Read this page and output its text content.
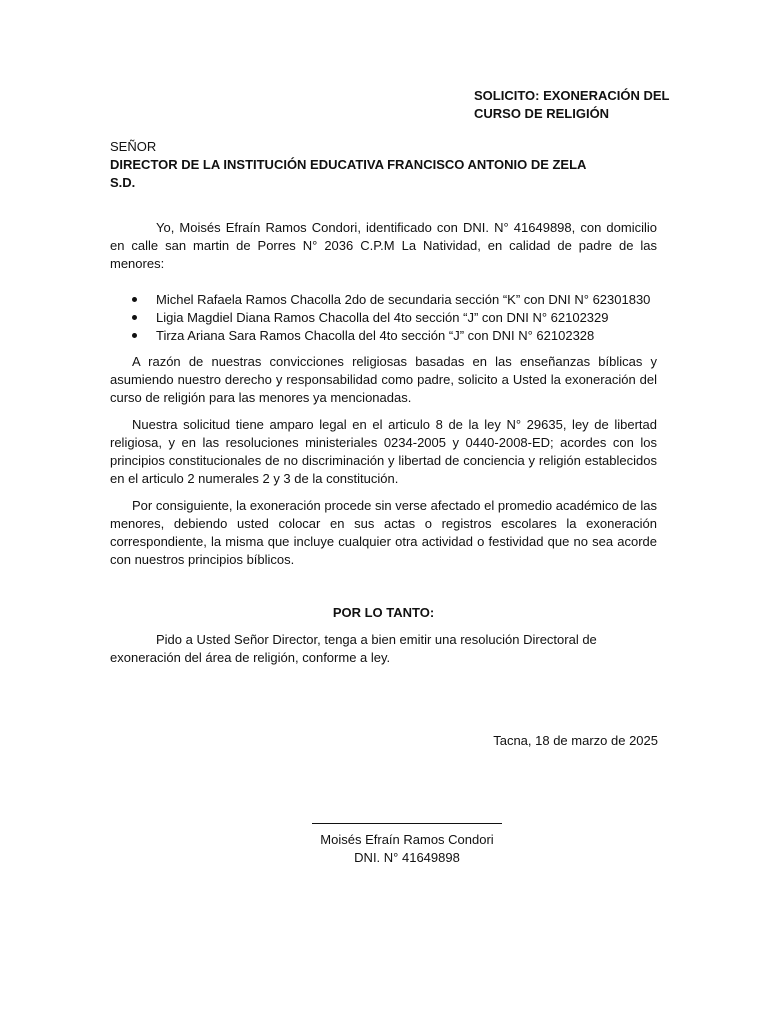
SOLICITO: EXONERACIÓN DEL
CURSO DE RELIGIÓN
SEÑOR
DIRECTOR DE LA INSTITUCIÓN EDUCATIVA FRANCISCO ANTONIO DE ZELA
S.D.
Yo, Moisés Efraín Ramos Condori, identificado con DNI. N° 41649898, con domicilio en calle san martin de Porres N° 2036 C.P.M La Natividad, en calidad de padre de las menores:
Michel Rafaela Ramos Chacolla 2do de secundaria sección “K” con DNI N° 62301830
Ligia Magdiel Diana Ramos Chacolla del 4to sección “J” con DNI N° 62102329
Tirza Ariana Sara Ramos Chacolla del 4to sección “J” con DNI N° 62102328
A razón de nuestras convicciones religiosas basadas en las enseñanzas bíblicas y asumiendo nuestro derecho y responsabilidad como padre, solicito a Usted la exoneración del curso de religión para las menores ya mencionadas.
Nuestra solicitud tiene amparo legal en el articulo 8 de la ley N° 29635, ley de libertad religiosa, y en las resoluciones ministeriales 0234-2005 y 0440-2008-ED; acordes con los principios constitucionales de no discriminación y libertad de conciencia y religión establecidos en el articulo 2 numerales 2 y 3 de la constitución.
Por consiguiente, la exoneración procede sin verse afectado el promedio académico de las menores, debiendo usted colocar en sus actas o registros escolares la exoneración correspondiente, la misma que incluye cualquier otra actividad o festividad que no sea acorde con nuestros principios bíblicos.
POR LO TANTO:
Pido a Usted Señor Director, tenga a bien emitir una resolución Directoral de exoneración del área de religión, conforme a ley.
Tacna, 18 de marzo de 2025
Moisés Efraín Ramos Condori
DNI. N° 41649898
